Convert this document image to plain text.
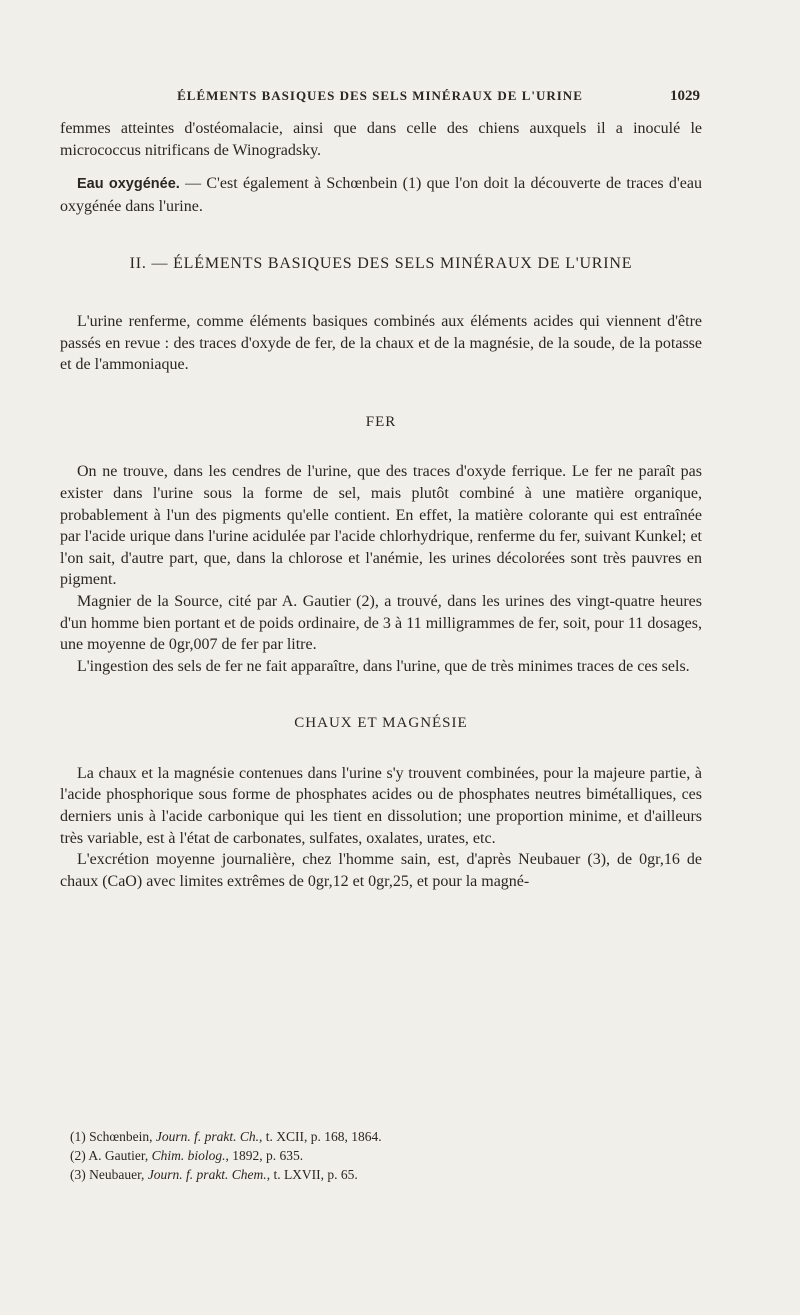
ÉLÉMENTS BASIQUES DES SELS MINÉRAUX DE L'URINE	1029

femmes atteintes d'ostéomalacie, ainsi que dans celle des chiens auxquels il a inoculé le micrococcus nitrificans de Winogradsky.

Eau oxygénée. — C'est également à Schœnbein (1) que l'on doit la découverte de traces d'eau oxygénée dans l'urine.

II. — ÉLÉMENTS BASIQUES DES SELS MINÉRAUX DE L'URINE

L'urine renferme, comme éléments basiques combinés aux éléments acides qui viennent d'être passés en revue : des traces d'oxyde de fer, de la chaux et de la magnésie, de la soude, de la potasse et de l'ammoniaque.

FER

On ne trouve, dans les cendres de l'urine, que des traces d'oxyde ferrique. Le fer ne paraît pas exister dans l'urine sous la forme de sel, mais plutôt combiné à une matière organique, probablement à l'un des pigments qu'elle contient. En effet, la matière colorante qui est entraînée par l'acide urique dans l'urine acidulée par l'acide chlorhydrique, renferme du fer, suivant Kunkel; et l'on sait, d'autre part, que, dans la chlorose et l'anémie, les urines décolorées sont très pauvres en pigment.

Magnier de la Source, cité par A. Gautier (2), a trouvé, dans les urines des vingt-quatre heures d'un homme bien portant et de poids ordinaire, de 3 à 11 milligrammes de fer, soit, pour 11 dosages, une moyenne de 0gr,007 de fer par litre.

L'ingestion des sels de fer ne fait apparaître, dans l'urine, que de très minimes traces de ces sels.

CHAUX ET MAGNÉSIE

La chaux et la magnésie contenues dans l'urine s'y trouvent combinées, pour la majeure partie, à l'acide phosphorique sous forme de phosphates acides ou de phosphates neutres bimétalliques, ces derniers unis à l'acide carbonique qui les tient en dissolution; une proportion minime, et d'ailleurs très variable, est à l'état de carbonates, sulfates, oxalates, urates, etc.

L'excrétion moyenne journalière, chez l'homme sain, est, d'après Neubauer (3), de 0gr,16 de chaux (CaO) avec limites extrêmes de 0gr,12 et 0gr,25, et pour la magné-

(1) Schœnbein, Journ. f. prakt. Ch., t. XCII, p. 168, 1864.
(2) A. Gautier, Chim. biolog., 1892, p. 635.
(3) Neubauer, Journ. f. prakt. Chem., t. LXVII, p. 65.
